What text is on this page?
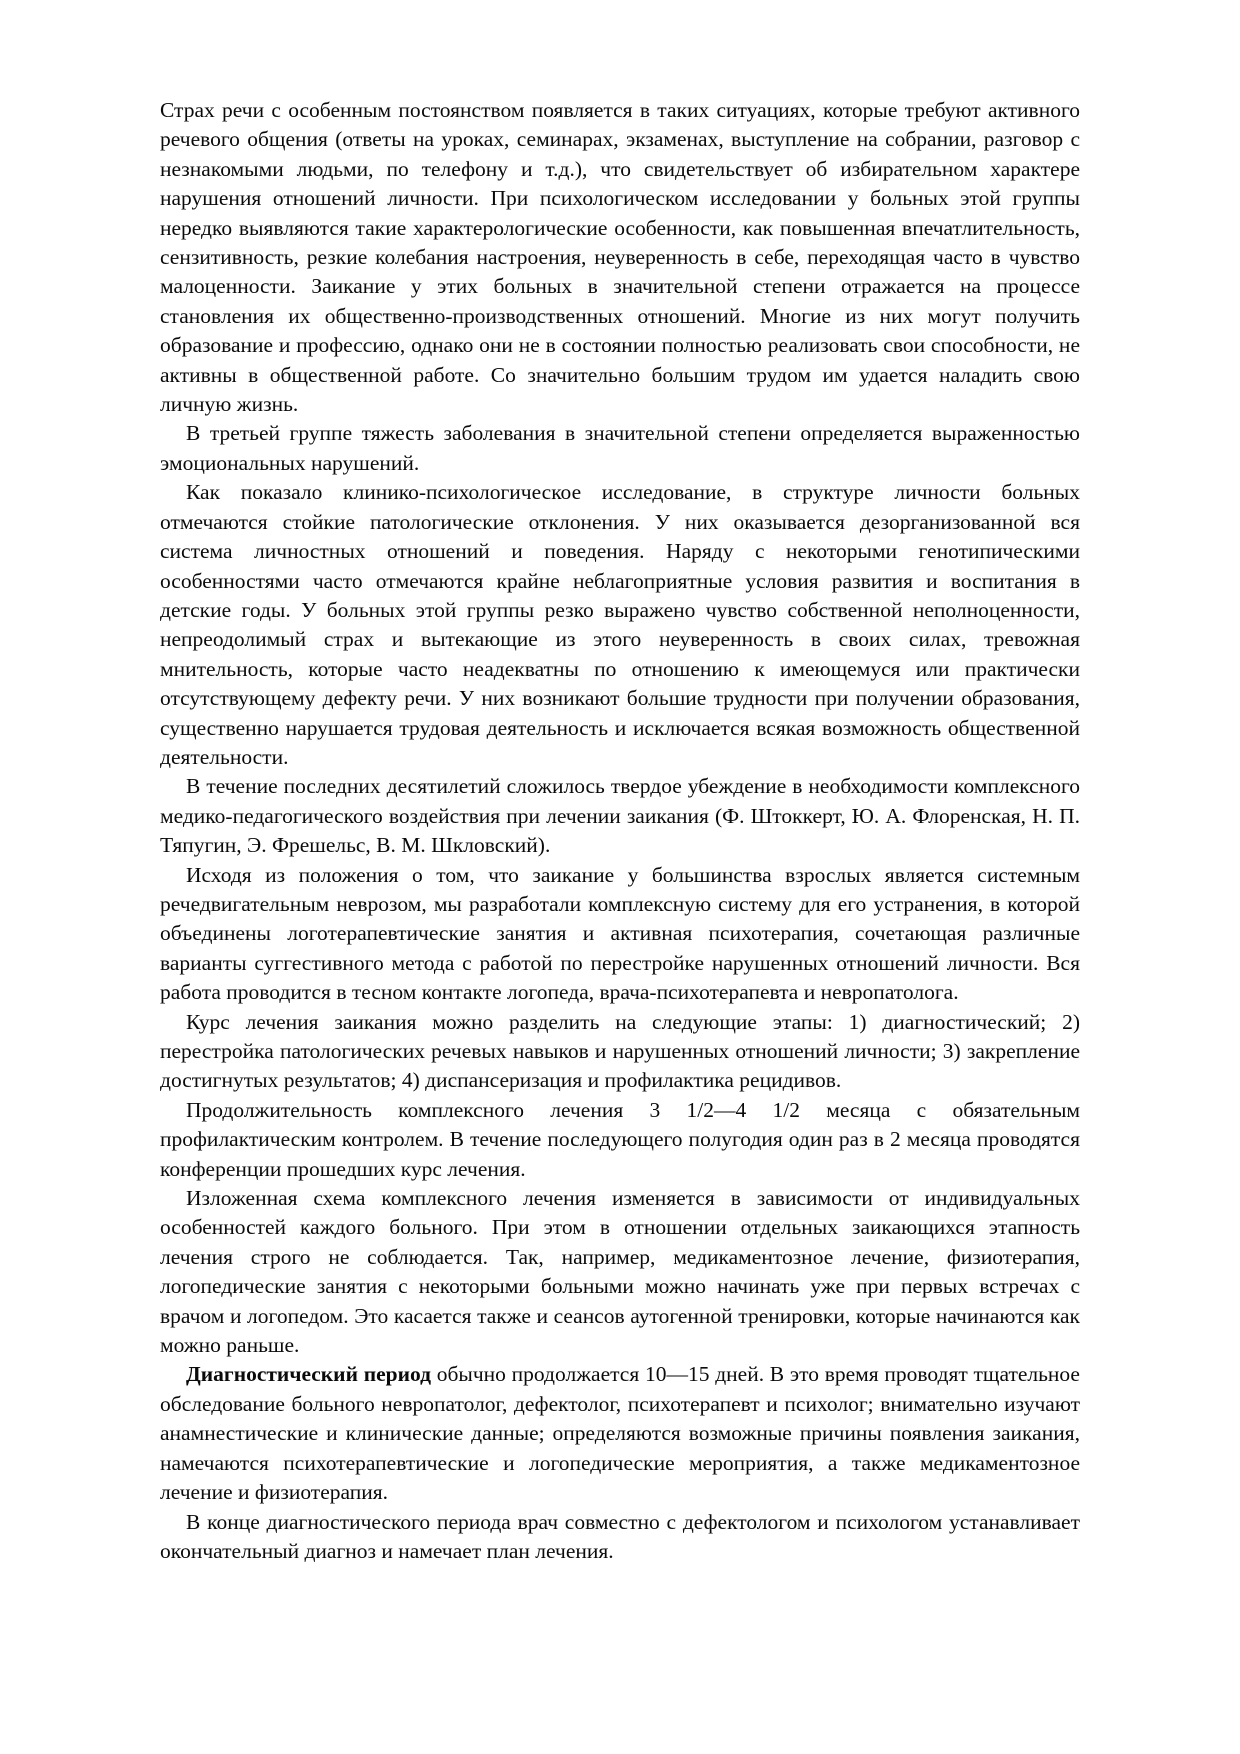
Страх речи с особенным постоянством появляется в таких ситуациях, которые требуют активного речевого общения (ответы на уроках, семинарах, экзаменах, выступление на собрании, разговор с незнакомыми людьми, по телефону и т.д.), что свидетельствует об избирательном характере нарушения отношений личности. При психологическом исследовании у больных этой группы нередко выявляются такие характерологические особенности, как повышенная впечатлительность, сензитивность, резкие колебания настроения, неуверенность в себе, переходящая часто в чувство малоценности. Заикание у этих больных в значительной степени отражается на процессе становления их общественно-производственных отношений. Многие из них могут получить образование и профессию, однако они не в состоянии полностью реализовать свои способности, не активны в общественной работе. Со значительно большим трудом им удается наладить свою личную жизнь.

В третьей группе тяжесть заболевания в значительной степени определяется выраженностью эмоциональных нарушений.

Как показало клинико-психологическое исследование, в структуре личности больных отмечаются стойкие патологические отклонения. У них оказывается дезорганизованной вся система личностных отношений и поведения. Наряду с некоторыми генотипическими особенностями часто отмечаются крайне неблагоприятные условия развития и воспитания в детские годы. У больных этой группы резко выражено чувство собственной неполноценности, непреодолимый страх и вытекающие из этого неуверенность в своих силах, тревожная мнительность, которые часто неадекватны по отношению к имеющемуся или практически отсутствующему дефекту речи. У них возникают большие трудности при получении образования, существенно нарушается трудовая деятельность и исключается всякая возможность общественной деятельности.

В течение последних десятилетий сложилось твердое убеждение в необходимости комплексного медико-педагогического воздействия при лечении заикания (Ф. Штоккерт, Ю. А. Флоренская, Н. П. Тяпугин, Э. Фрешельс, В. М. Шкловский).

Исходя из положения о том, что заикание у большинства взрослых является системным речедвигательным неврозом, мы разработали комплексную систему для его устранения, в которой объединены логотерапевтические занятия и активная психотерапия, сочетающая различные варианты суггестивного метода с работой по перестройке нарушенных отношений личности. Вся работа проводится в тесном контакте логопеда, врача-психотерапевта и невропатолога.

Курс лечения заикания можно разделить на следующие этапы: 1) диагностический; 2) перестройка патологических речевых навыков и нарушенных отношений личности; 3) закрепление достигнутых результатов; 4) диспансеризация и профилактика рецидивов.

Продолжительность комплексного лечения 3 1/2—4 1/2 месяца с обязательным профилактическим контролем. В течение последующего полугодия один раз в 2 месяца проводятся конференции прошедших курс лечения.

Изложенная схема комплексного лечения изменяется в зависимости от индивидуальных особенностей каждого больного. При этом в отношении отдельных заикающихся этапность лечения строго не соблюдается. Так, например, медикаментозное лечение, физиотерапия, логопедические занятия с некоторыми больными можно начинать уже при первых встречах с врачом и логопедом. Это касается также и сеансов аутогенной тренировки, которые начинаются как можно раньше.

Диагностический период обычно продолжается 10—15 дней. В это время проводят тщательное обследование больного невропатолог, дефектолог, психотерапевт и психолог; внимательно изучают анамнестические и клинические данные; определяются возможные причины появления заикания, намечаются психотерапевтические и логопедические мероприятия, а также медикаментозное лечение и физиотерапия.

В конце диагностического периода врач совместно с дефектологом и психологом устанавливает окончательный диагноз и намечает план лечения.
